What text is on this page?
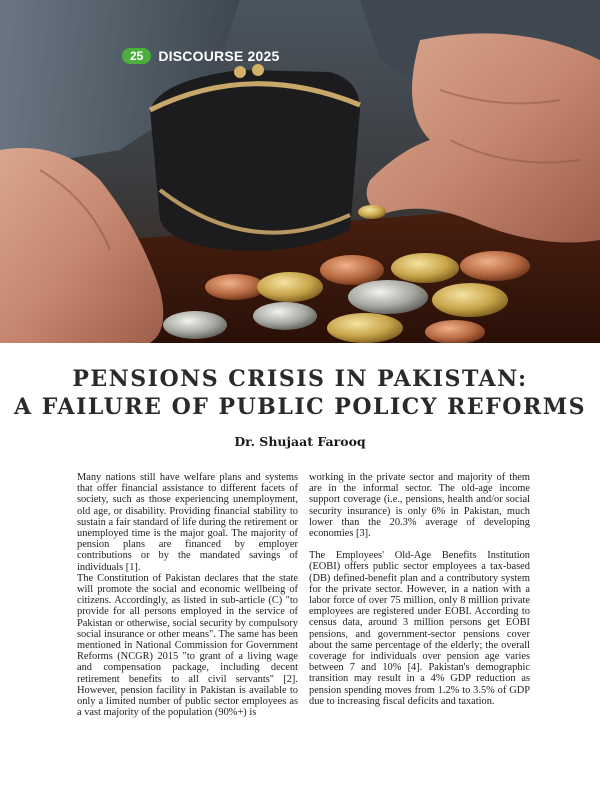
25	DISCOURSE 2025
PENSIONS CRISIS IN PAKISTAN:
A FAILURE OF PUBLIC POLICY REFORMS
Dr. Shujaat Farooq

Many nations still have welfare plans and systems that offer financial assistance to different facets of society, such as those experiencing unemployment, old age, or disability. Providing financial stability to sustain a fair standard of life during the retirement or unemployed time is the major goal. The majority of pension plans are financed by employer contributions or by the mandated savings of individuals [1].

The Constitution of Pakistan declares that the state will promote the social and economic wellbeing of citizens. Accordingly, as listed in sub-article (C) "to provide for all persons employed in the service of Pakistan or otherwise, social security by compulsory social insurance or other means". The same has been mentioned in National Commission for Government Reforms (NCGR) 2015 "to grant of a living wage and compensation package, including decent retirement benefits to all civil servants" [2]. However, pension facility in Pakistan is available to only a limited number of public sector employees as a vast majority of the population (90%+) is

working in the private sector and majority of them are in the informal sector. The old-age income support coverage (i.e., pensions, health and/or social security insurance) is only 6% in Pakistan, much lower than the 20.3% average of developing economies [3].

The Employees' Old-Age Benefits Institution (EOBI) offers public sector employees a tax-based (DB) defined-benefit plan and a contributory system for the private sector. However, in a nation with a labor force of over 75 million, only 8 million private employees are registered under EOBI. According to census data, around 3 million persons get EOBI pensions, and government-sector pensions cover about the same percentage of the elderly; the overall coverage for individuals over pension age varies between 7 and 10% [4]. Pakistan's demographic transition may result in a 4% GDP reduction as pension spending moves from 1.2% to 3.5% of GDP due to increasing fiscal deficits and taxation.
